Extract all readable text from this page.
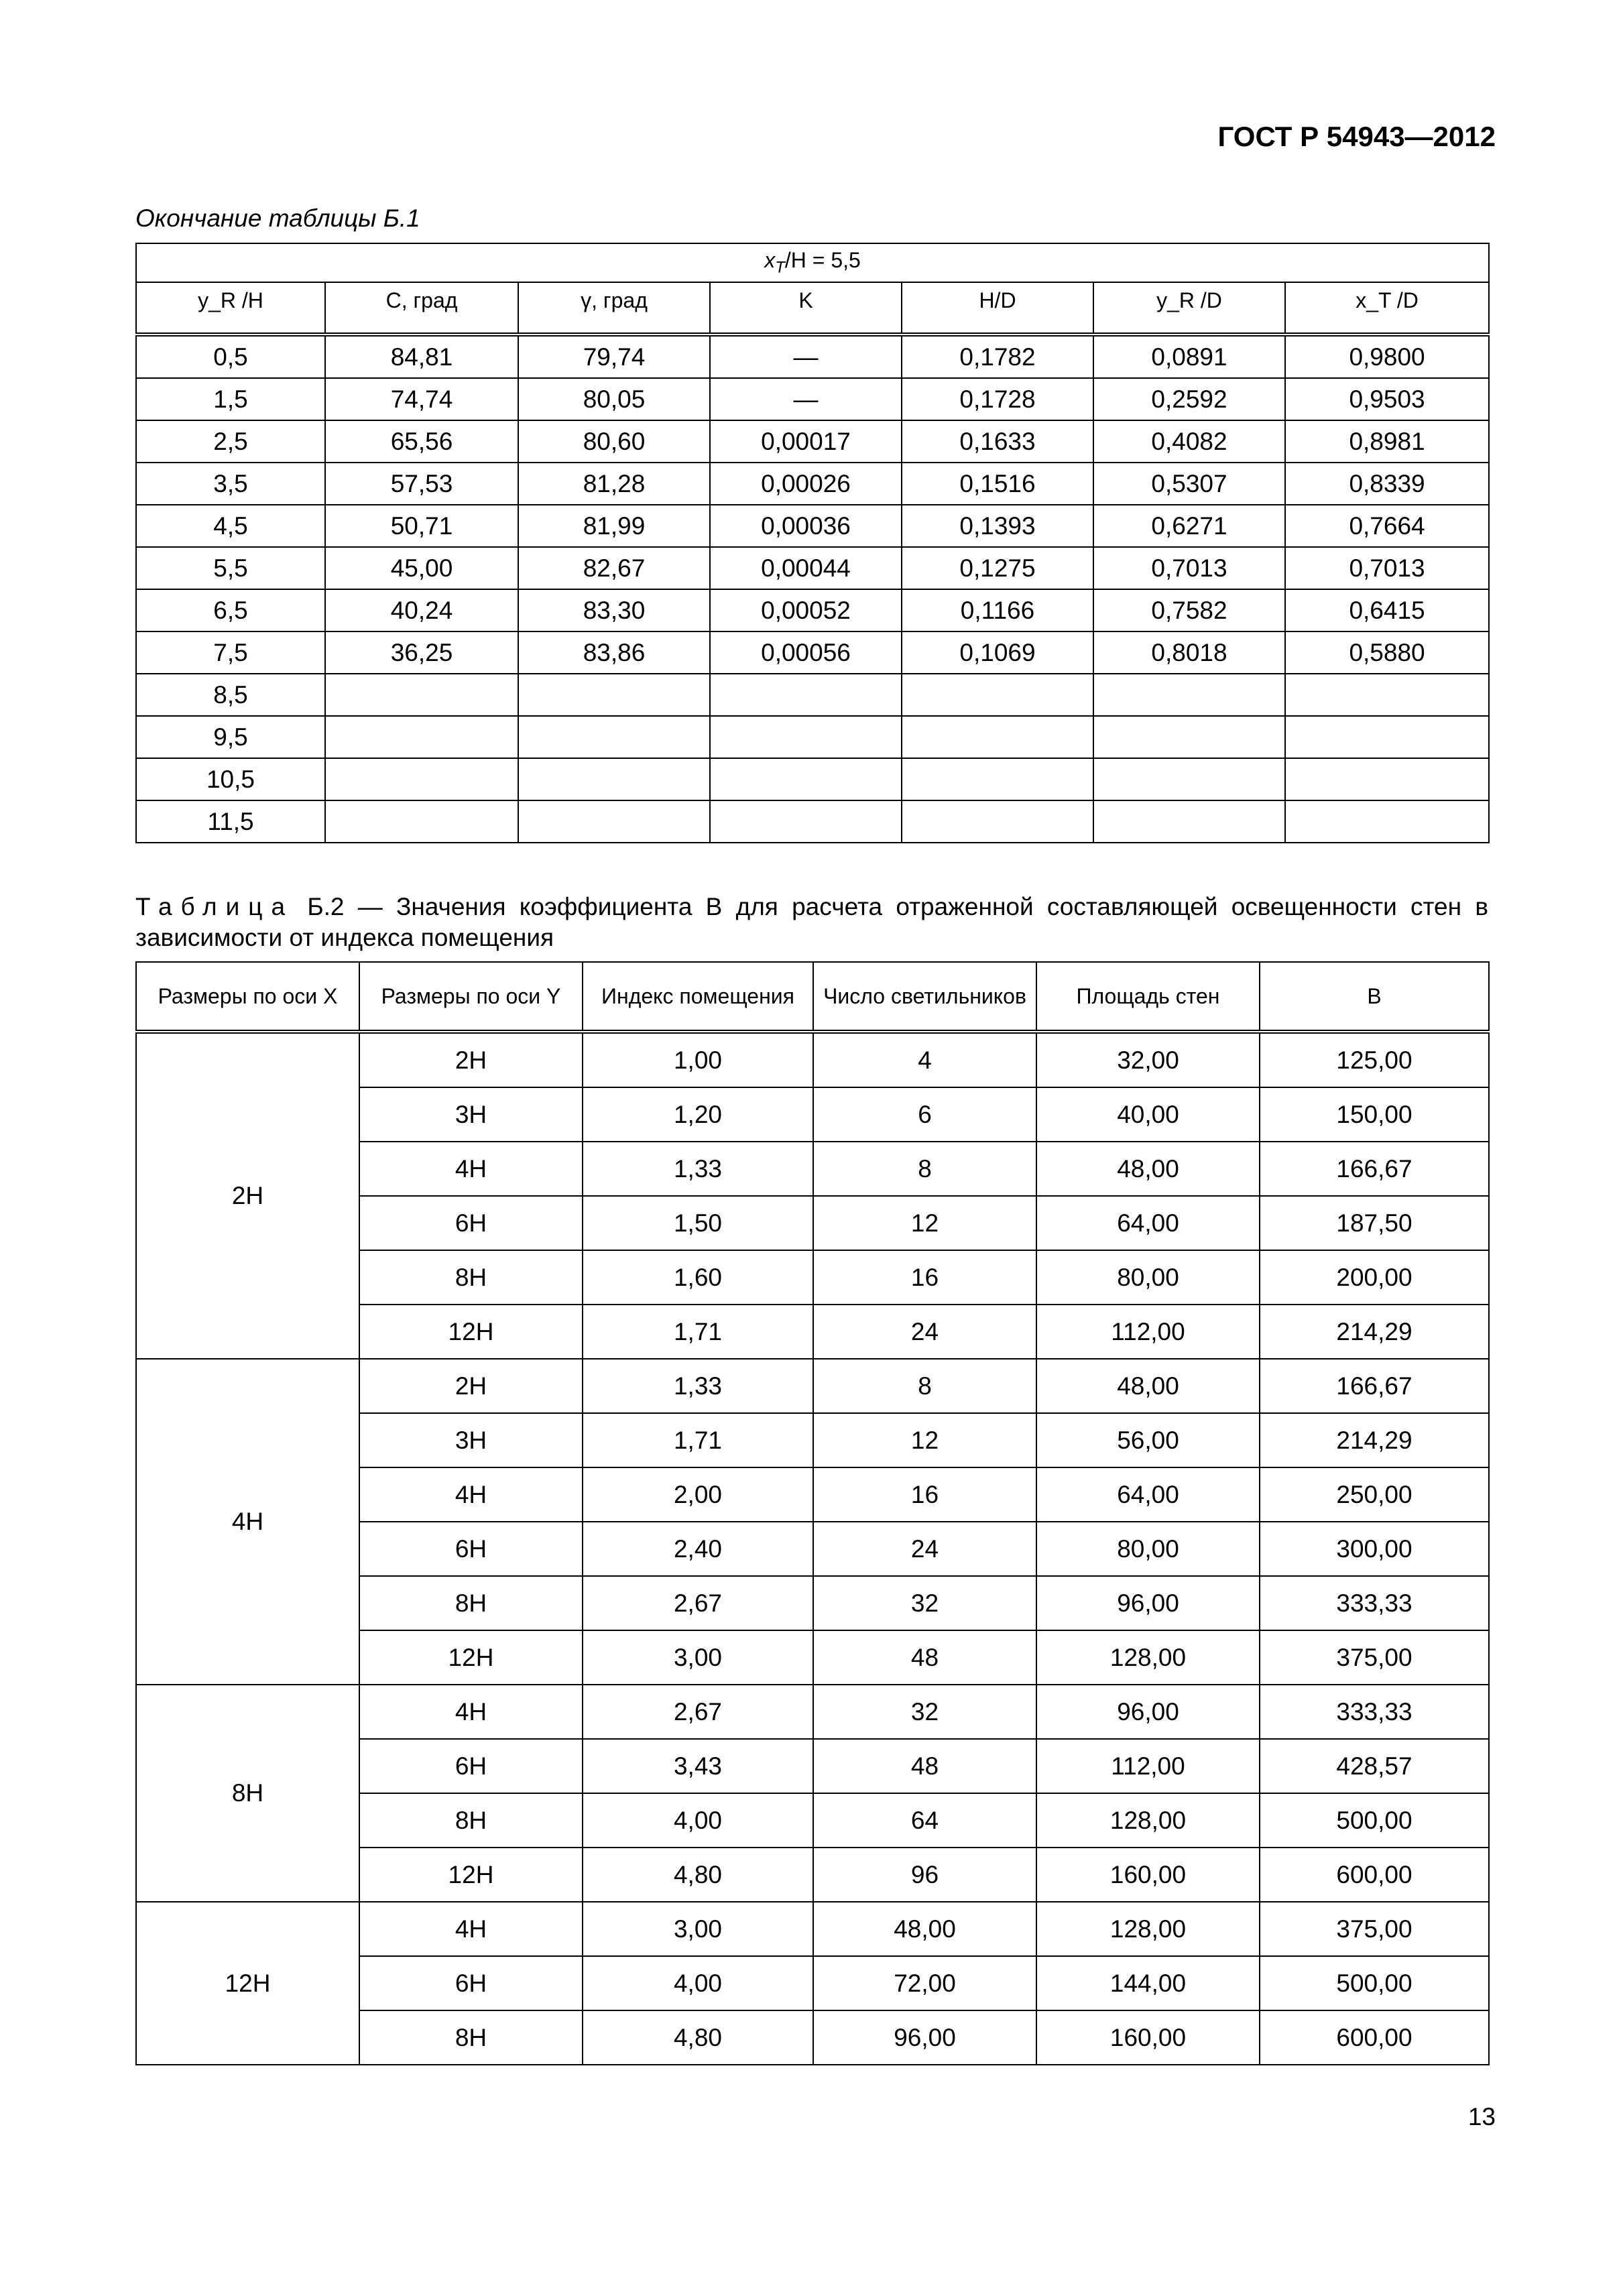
ГОСТ Р 54943—2012
Окончание таблицы Б.1
$x_T/H = 5,5$						
y_R /H	C, град	γ, град	K	H/D	y_R /D	x_T /D
0,5	84,81	79,74	—	0,1782	0,0891	0,9800
1,5	74,74	80,05	—	0,1728	0,2592	0,9503
2,5	65,56	80,60	0,00017	0,1633	0,4082	0,8981
3,5	57,53	81,28	0,00026	0,1516	0,5307	0,8339
4,5	50,71	81,99	0,00036	0,1393	0,6271	0,7664
5,5	45,00	82,67	0,00044	0,1275	0,7013	0,7013
6,5	40,24	83,30	0,00052	0,1166	0,7582	0,6415
7,5	36,25	83,86	0,00056	0,1069	0,8018	0,5880
8,5						
9,5						
10,5						
11,5						
Таблица Б.2 — Значения коэффициента B для расчета отраженной составляющей освещенности стен в зависимости от индекса помещения
Размеры по оси X	Размеры по оси Y	Индекс помещения	Число светильников	Площадь стен	B
2H	2H	1,00	4	32,00	125,00
	3H	1,20	6	40,00	150,00
	4H	1,33	8	48,00	166,67
	6H	1,50	12	64,00	187,50
	8H	1,60	16	80,00	200,00
	12H	1,71	24	112,00	214,29
4H	2H	1,33	8	48,00	166,67
	3H	1,71	12	56,00	214,29
	4H	2,00	16	64,00	250,00
	6H	2,40	24	80,00	300,00
	8H	2,67	32	96,00	333,33
	12H	3,00	48	128,00	375,00
8H	4H	2,67	32	96,00	333,33
	6H	3,43	48	112,00	428,57
	8H	4,00	64	128,00	500,00
	12H	4,80	96	160,00	600,00
12H	4H	3,00	48,00	128,00	375,00
	6H	4,00	72,00	144,00	500,00
	8H	4,80	96,00	160,00	600,00
13
